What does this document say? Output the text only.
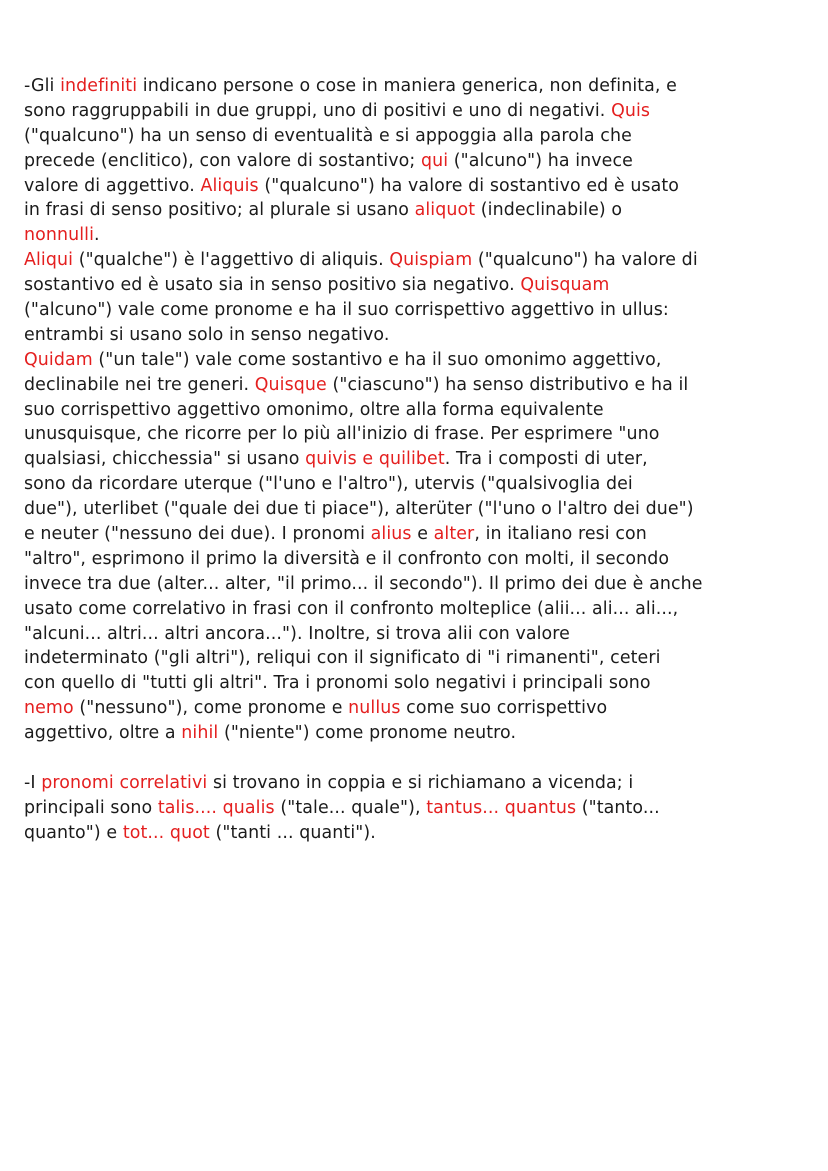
-Gli indefiniti indicano persone o cose in maniera generica, non definita, e
sono raggruppabili in due gruppi, uno di positivi e uno di negativi. Quis
("qualcuno") ha un senso di eventualità e si appoggia alla parola che
precede (enclitico), con valore di sostantivo; qui ("alcuno") ha invece
valore di aggettivo. Aliquis ("qualcuno") ha valore di sostantivo ed è usato
in frasi di senso positivo; al plurale si usano aliquot (indeclinabile) o
nonnulli.
Aliqui ("qualche") è l'aggettivo di aliquis. Quispiam ("qualcuno") ha valore di
sostantivo ed è usato sia in senso positivo sia negativo. Quisquam
("alcuno") vale come pronome e ha il suo corrispettivo aggettivo in ullus:
entrambi si usano solo in senso negativo.
Quidam ("un tale") vale come sostantivo e ha il suo omonimo aggettivo,
declinabile nei tre generi. Quisque ("ciascuno") ha senso distributivo e ha il
suo corrispettivo aggettivo omonimo, oltre alla forma equivalente
unusquisque, che ricorre per lo più all'inizio di frase. Per esprimere "uno
qualsiasi, chicchessia" si usano quivis e quilibet. Tra i composti di uter,
sono da ricordare uterque ("l'uno e l'altro"), utervis ("qualsivoglia dei
due"), uterlibet ("quale dei due ti piace"), alterüter ("l'uno o l'altro dei due")
e neuter ("nessuno dei due). I pronomi alius e alter, in italiano resi con
"altro", esprimono il primo la diversità e il confronto con molti, il secondo
invece tra due (alter... alter, "il primo... il secondo"). Il primo dei due è anche
usato come correlativo in frasi con il confronto molteplice (alii... ali... ali...,
"alcuni... altri... altri ancora..."). Inoltre, si trova alii con valore
indeterminato ("gli altri"), reliqui con il significato di "i rimanenti", ceteri
con quello di "tutti gli altri". Tra i pronomi solo negativi i principali sono
nemo ("nessuno"), come pronome e nullus come suo corrispettivo
aggettivo, oltre a nihil ("niente") come pronome neutro.
-I pronomi correlativi si trovano in coppia e si richiamano a vicenda; i
principali sono talis.... qualis ("tale... quale"), tantus... quantus ("tanto...
quanto") e tot... quot ("tanti ... quanti").
